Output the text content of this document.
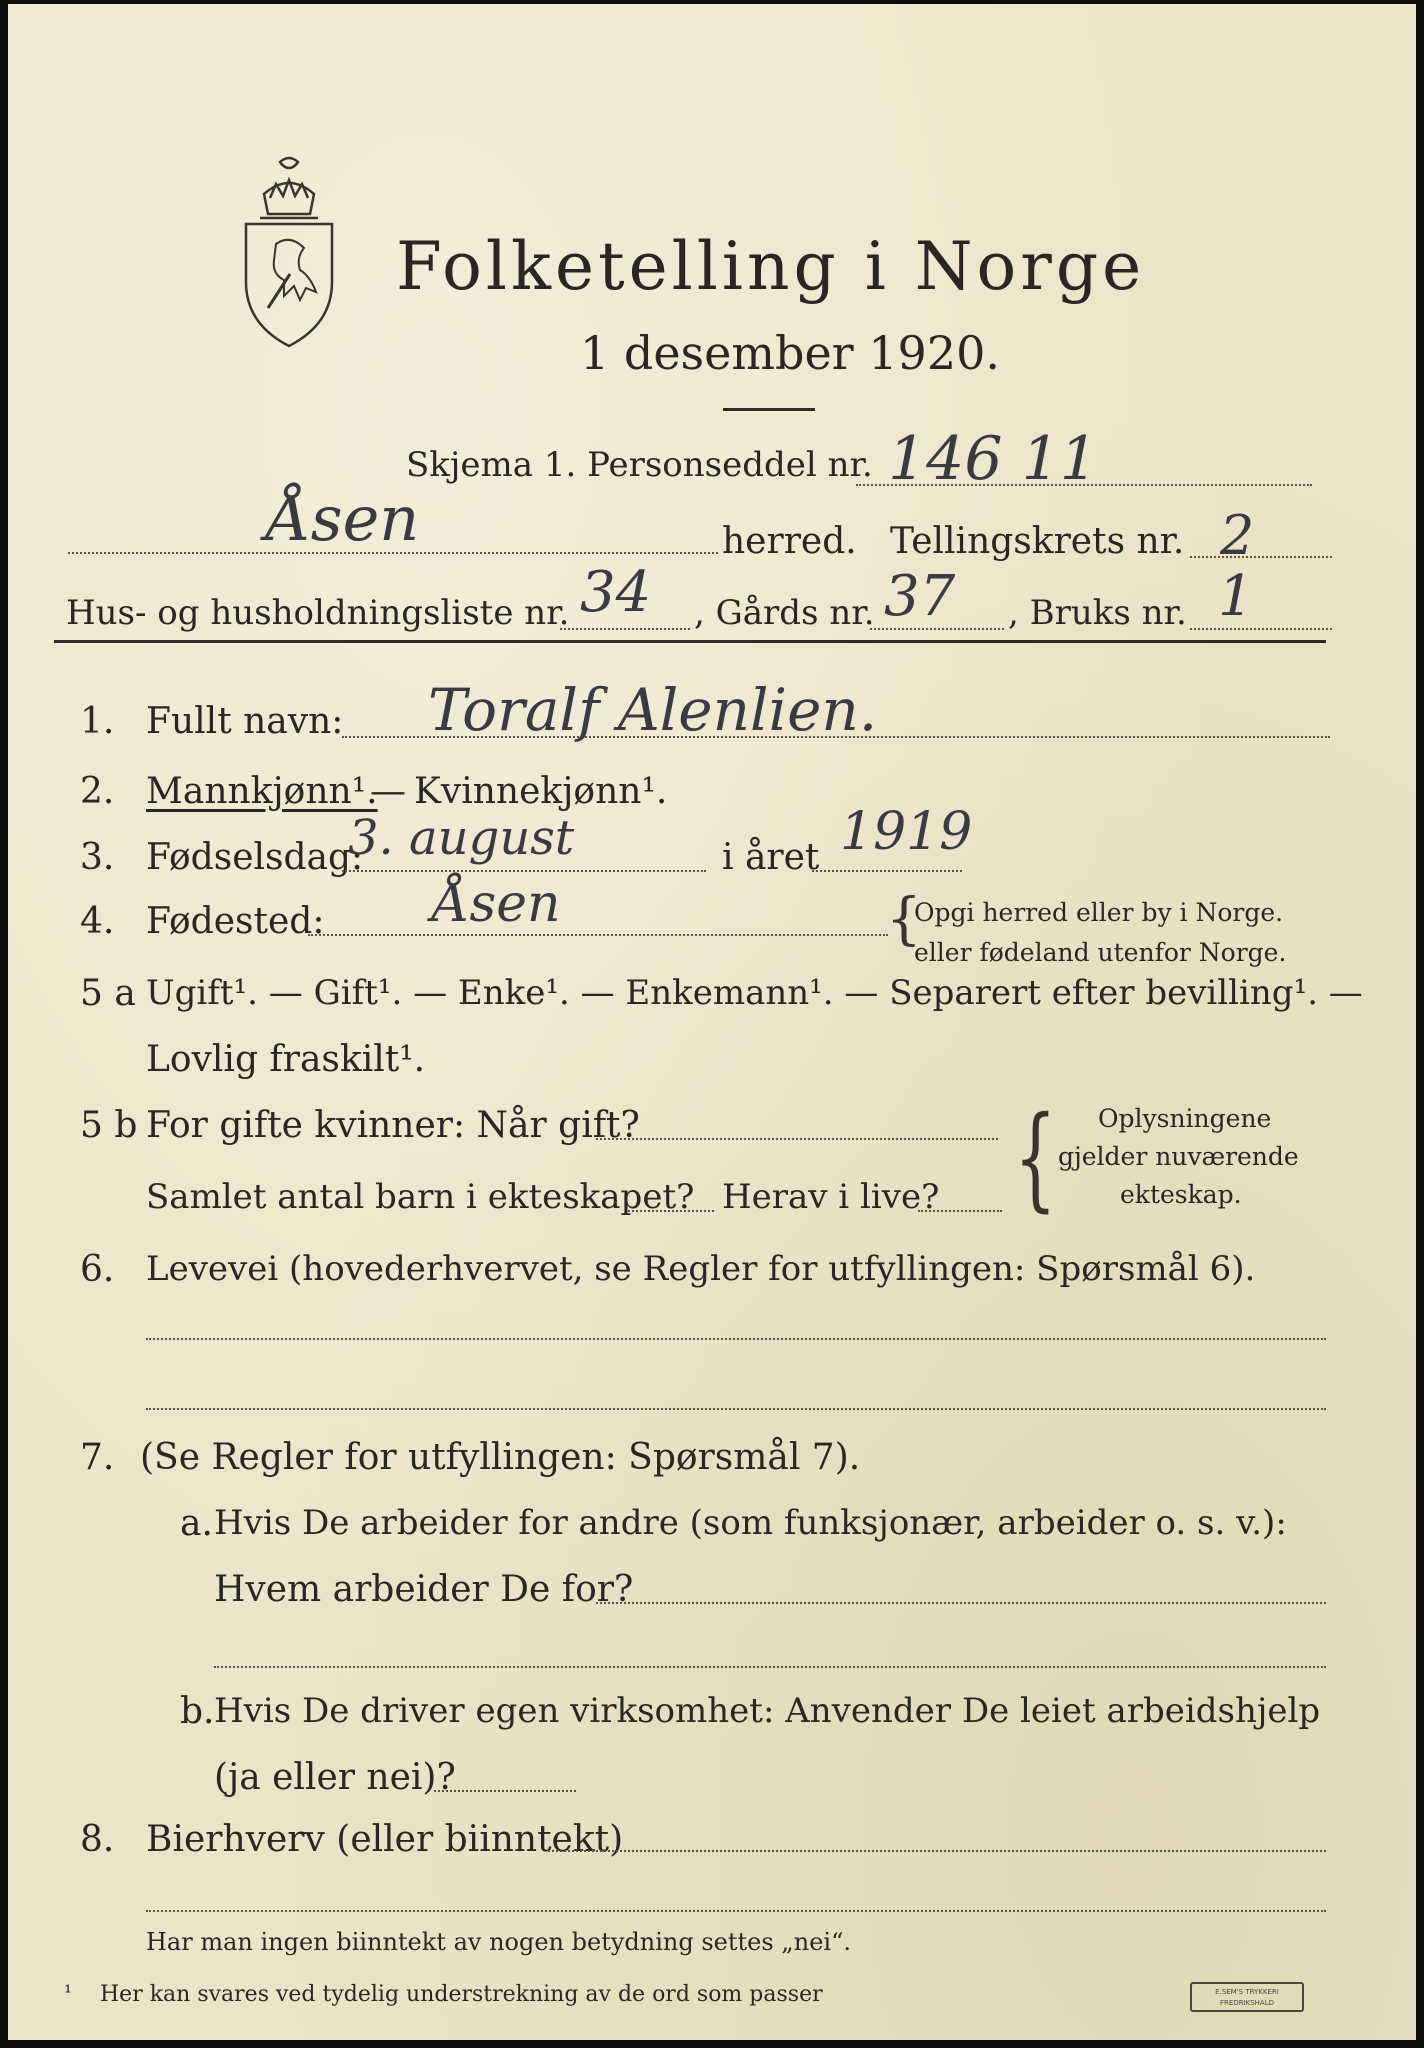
Folketelling i Norge
1 desember 1920.
Skjema 1. Personseddel nr. 146 11
Åsen	herred. Tellingskrets nr. 2
Hus- og husholdningsliste nr. 34 , Gårds nr. 37 , Bruks nr. 1
1. Fullt navn: Toralf Alenlien.
2. Mannkjønn¹.
— Kvinnekjønn¹.
3. Fødselsdag:
3. august	i året 1919
4. Fødested: Åsen	{
Opgi herred eller by i Norge.
eller fødeland utenfor Norge.
5 a Ugift¹. — Gift¹. — Enke¹. — Enkemann¹. — Separert efter bevilling¹. —
Lovlig fraskilt¹.
5 b For gifte kvinner: Når gift?
Samlet antal barn i ekteskapet? Herav i live? { Oplysningene
gjelder nuværende
ekteskap.
6. Levevei (hovederhvervet, se Regler for utfyllingen: Spørsmål 6).
7. (Se Regler for utfyllingen: Spørsmål 7).
a. Hvis De arbeider for andre (som funksjonær, arbeider o. s. v.):
Hvem arbeider De for?
b. Hvis De driver egen virksomhet: Anvender De leiet arbeidshjelp
(ja eller nei)?
8. Bierhverv (eller biinntekt)
Har man ingen biinntekt av nogen betydning settes „nei“.
¹ Her kan svares ved tydelig understrekning av de ord som passer	E.SEM'S TRYKKERI
FREDRIKSHALD
